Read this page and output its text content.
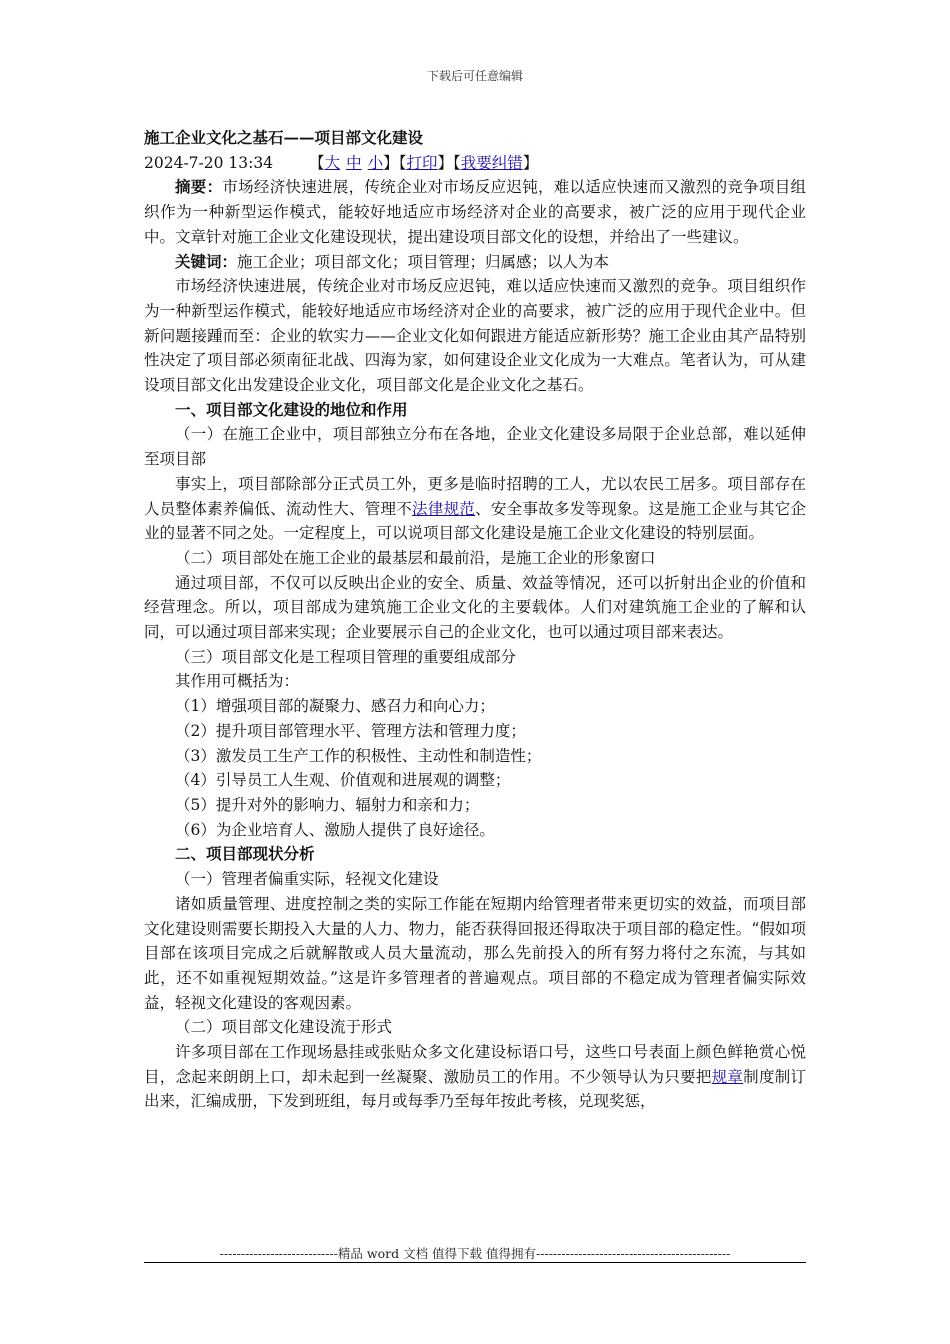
下载后可任意编辑

施工企业文化之基石——项目部文化建设

2024-7-20 13:34 【大 中 小】【打印】【我要纠错】

摘要：市场经济快速进展，传统企业对市场反应迟钝，难以适应快速而又激烈的竞争项目组织作为一种新型运作模式，能较好地适应市场经济对企业的高要求，被广泛的应用于现代企业中。文章针对施工企业文化建设现状，提出建设项目部文化的设想，并给出了一些建议。

关键词：施工企业；项目部文化；项目管理；归属感；以人为本

市场经济快速进展，传统企业对市场反应迟钝，难以适应快速而又激烈的竞争。项目组织作为一种新型运作模式，能较好地适应市场经济对企业的高要求，被广泛的应用于现代企业中。但新问题接踵而至：企业的软实力——企业文化如何跟进方能适应新形势？施工企业由其产品特别性决定了项目部必须南征北战、四海为家，如何建设企业文化成为一大难点。笔者认为，可从建设项目部文化出发建设企业文化，项目部文化是企业文化之基石。

一、项目部文化建设的地位和作用

（一）在施工企业中，项目部独立分布在各地，企业文化建设多局限于企业总部，难以延伸至项目部

事实上，项目部除部分正式员工外，更多是临时招聘的工人，尤以农民工居多。项目部存在人员整体素养偏低、流动性大、管理不法律规范、安全事故多发等现象。这是施工企业与其它企业的显著不同之处。一定程度上，可以说项目部文化建设是施工企业文化建设的特别层面。

（二）项目部处在施工企业的最基层和最前沿，是施工企业的形象窗口

通过项目部，不仅可以反映出企业的安全、质量、效益等情况，还可以折射出企业的价值和经营理念。所以，项目部成为建筑施工企业文化的主要载体。人们对建筑施工企业的了解和认同，可以通过项目部来实现；企业要展示自己的企业文化，也可以通过项目部来表达。

（三）项目部文化是工程项目管理的重要组成部分

其作用可概括为：

（1）增强项目部的凝聚力、感召力和向心力；

（2）提升项目部管理水平、管理方法和管理力度；

（3）激发员工生产工作的积极性、主动性和制造性；

（4）引导员工人生观、价值观和进展观的调整；

（5）提升对外的影响力、辐射力和亲和力；

（6）为企业培育人、激励人提供了良好途径。

二、项目部现状分析

（一）管理者偏重实际，轻视文化建设

诸如质量管理、进度控制之类的实际工作能在短期内给管理者带来更切实的效益，而项目部文化建设则需要长期投入大量的人力、物力，能否获得回报还得取决于项目部的稳定性。“假如项目部在该项目完成之后就解散或人员大量流动，那么先前投入的所有努力将付之东流，与其如此，还不如重视短期效益。”这是许多管理者的普遍观点。项目部的不稳定成为管理者偏实际效益，轻视文化建设的客观因素。

（二）项目部文化建设流于形式

许多项目部在工作现场悬挂或张贴众多文化建设标语口号，这些口号表面上颜色鲜艳赏心悦目，念起来朗朗上口，却未起到一丝凝聚、激励员工的作用。不少领导认为只要把规章制度制订出来，汇编成册，下发到班组，每月或每季乃至每年按此考核，兑现奖惩，

----------------------------精品 word 文档 值得下载 值得拥有----------------------------------------------
